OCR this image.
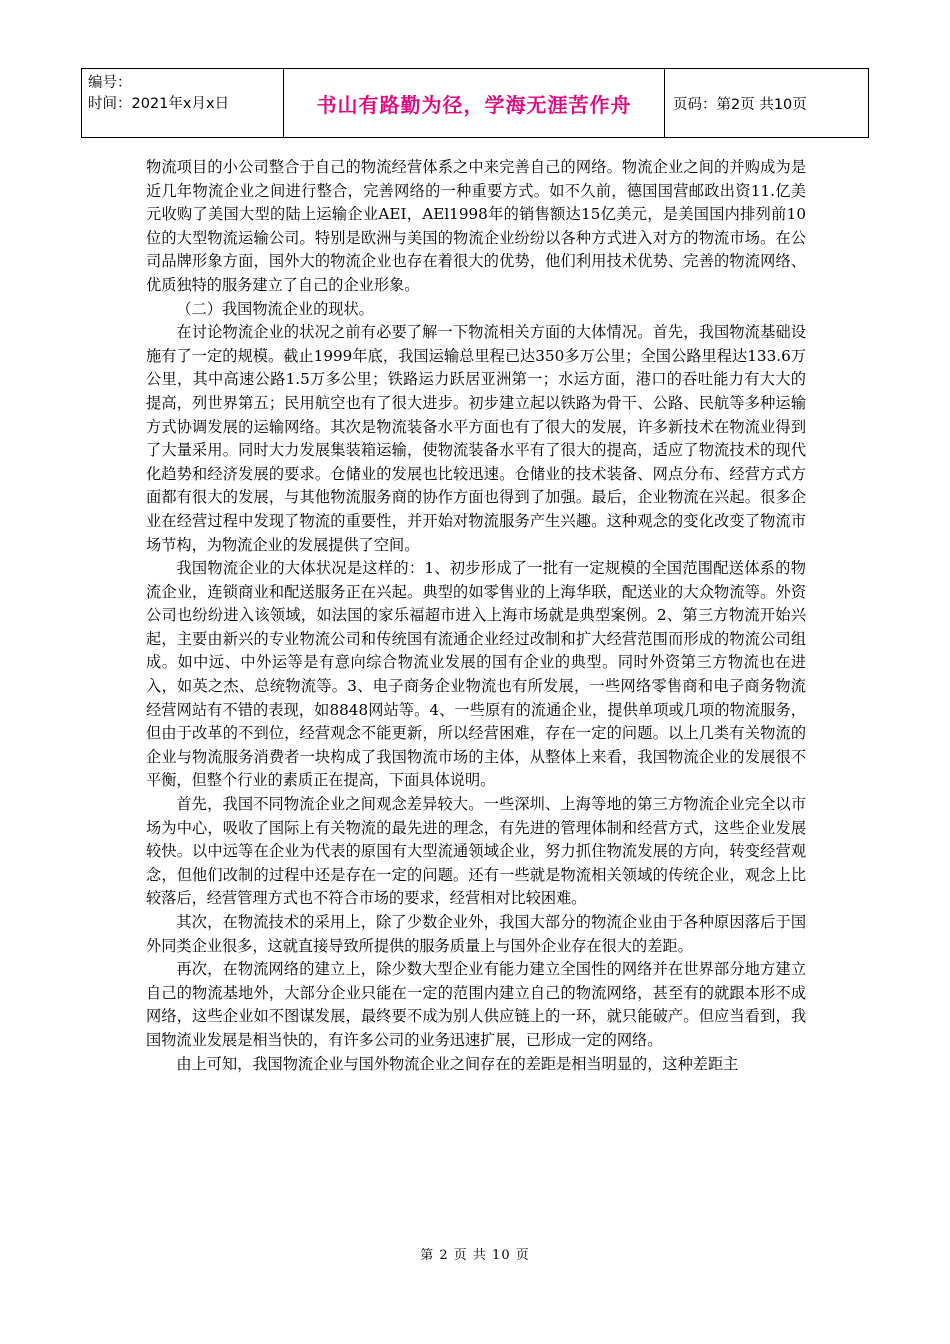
编号：
时间：2021年x月x日	书山有路勤为径，学海无涯苦作舟	页码：第2页 共10页

物流项目的小公司整合于自己的物流经营体系之中来完善自己的网络。物流企业之间的并购成为是近几年物流企业之间进行整合，完善网络的一种重要方式。如不久前，德国国营邮政出资11.亿美元收购了美国大型的陆上运输企业AEI，AEl1998年的销售额达15亿美元，是美国国内排列前10位的大型物流运输公司。特别是欧洲与美国的物流企业纷纷以各种方式进入对方的物流市场。在公司品牌形象方面，国外大的物流企业也存在着很大的优势，他们利用技术优势、完善的物流网络、优质独特的服务建立了自己的企业形象。

（二）我国物流企业的现状。

在讨论物流企业的状况之前有必要了解一下物流相关方面的大体情况。首先，我国物流基础设施有了一定的规模。截止1999年底，我国运输总里程已达350多万公里；全国公路里程达133.6万公里，其中高速公路1.5万多公里；铁路运力跃居亚洲第一；水运方面，港口的吞吐能力有大大的提高，列世界第五；民用航空也有了很大进步。初步建立起以铁路为骨干、公路、民航等多种运输方式协调发展的运输网络。其次是物流装备水平方面也有了很大的发展，许多新技术在物流业得到了大量采用。同时大力发展集装箱运输，使物流装备水平有了很大的提高，适应了物流技术的现代化趋势和经济发展的要求。仓储业的发展也比较迅速。仓储业的技术装备、网点分布、经营方式方面都有很大的发展，与其他物流服务商的协作方面也得到了加强。最后，企业物流在兴起。很多企业在经营过程中发现了物流的重要性，并开始对物流服务产生兴趣。这种观念的变化改变了物流市场节构，为物流企业的发展提供了空间。

我国物流企业的大体状况是这样的：1、初步形成了一批有一定规模的全国范围配送体系的物流企业，连锁商业和配送服务正在兴起。典型的如零售业的上海华联，配送业的大众物流等。外资公司也纷纷进入该领域，如法国的家乐福超市进入上海市场就是典型案例。2、第三方物流开始兴起，主要由新兴的专业物流公司和传统国有流通企业经过改制和扩大经营范围而形成的物流公司组成。如中远、中外运等是有意向综合物流业发展的国有企业的典型。同时外资第三方物流也在进入，如英之杰、总统物流等。3、电子商务企业物流也有所发展，一些网络零售商和电子商务物流经营网站有不错的表现，如8848网站等。4、一些原有的流通企业，提供单项或几项的物流服务，但由于改革的不到位，经营观念不能更新，所以经营困难，存在一定的问题。以上几类有关物流的企业与物流服务消费者一块构成了我国物流市场的主体，从整体上来看，我国物流企业的发展很不平衡，但整个行业的素质正在提高，下面具体说明。

首先，我国不同物流企业之间观念差异较大。一些深圳、上海等地的第三方物流企业完全以市场为中心，吸收了国际上有关物流的最先进的理念，有先进的管理体制和经营方式，这些企业发展较快。以中远等在企业为代表的原国有大型流通领域企业，努力抓住物流发展的方向，转变经营观念，但他们改制的过程中还是存在一定的问题。还有一些就是物流相关领域的传统企业，观念上比较落后，经营管理方式也不符合市场的要求，经营相对比较困难。

其次，在物流技术的采用上，除了少数企业外，我国大部分的物流企业由于各种原因落后于国外同类企业很多，这就直接导致所提供的服务质量上与国外企业存在很大的差距。

再次，在物流网络的建立上，除少数大型企业有能力建立全国性的网络并在世界部分地方建立自己的物流基地外，大部分企业只能在一定的范围内建立自己的物流网络，甚至有的就跟本形不成网络，这些企业如不图谋发展，最终要不成为别人供应链上的一环，就只能破产。但应当看到，我国物流业发展是相当快的，有许多公司的业务迅速扩展，已形成一定的网络。

由上可知，我国物流企业与国外物流企业之间存在的差距是相当明显的，这种差距主

第 2 页 共 10 页
